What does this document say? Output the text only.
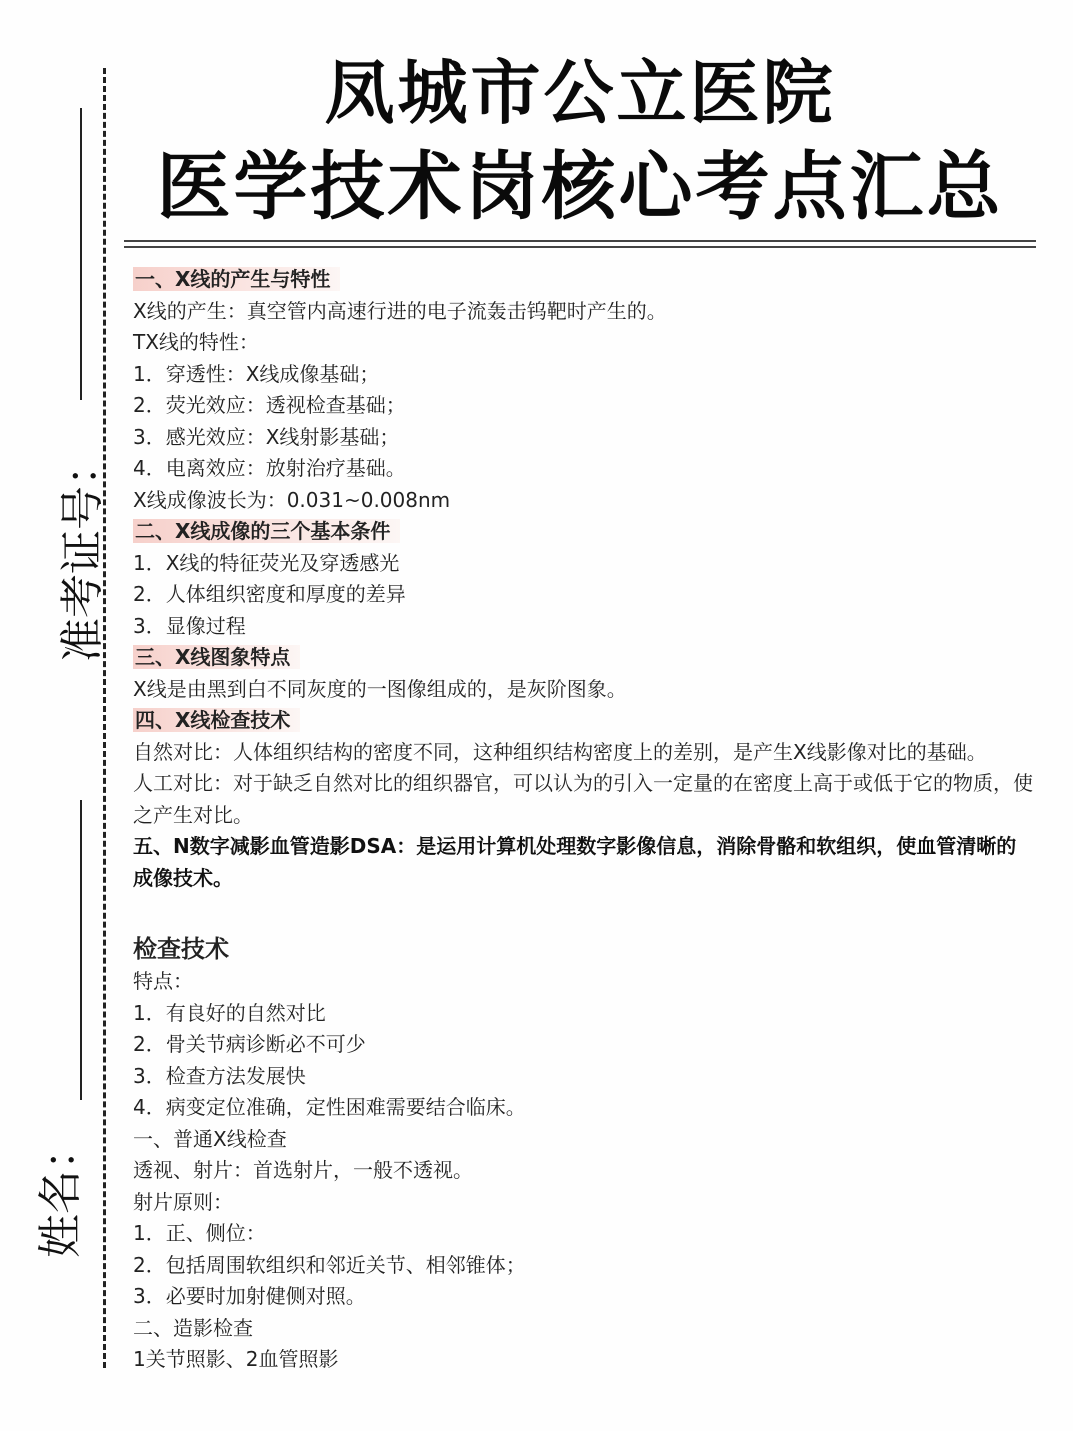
准考证号：
姓名：
凤城市公立医院
医学技术岗核心考点汇总
一、X线的产生与特性
X线的产生：真空管内高速行进的电子流轰击钨靶时产生的。
TX线的特性：
1．穿透性：X线成像基础；
2．荧光效应：透视检查基础；
3．感光效应：X线射影基础；
4．电离效应：放射治疗基础。
X线成像波长为：0.031~0.008nm
二、X线成像的三个基本条件
1．X线的特征荧光及穿透感光
2．人体组织密度和厚度的差异
3．显像过程
三、X线图象特点
X线是由黑到白不同灰度的一图像组成的，是灰阶图象。
四、X线检查技术
自然对比：人体组织结构的密度不同，这种组织结构密度上的差别，是产生X线影像对比的基础。
人工对比：对于缺乏自然对比的组织器官，可以认为的引入一定量的在密度上高于或低于它的物质，使之产生对比。
五、N数字减影血管造影DSA：是运用计算机处理数字影像信息，消除骨骼和软组织，使血管清晰的成像技术。
检查技术
特点：
1．有良好的自然对比
2．骨关节病诊断必不可少
3．检查方法发展快
4．病变定位准确，定性困难需要结合临床。
一、普通X线检查
透视、射片：首选射片，一般不透视。
射片原则：
1．正、侧位：
2．包括周围软组织和邻近关节、相邻锥体；
3．必要时加射健侧对照。
二、造影检查
1关节照影、2血管照影
